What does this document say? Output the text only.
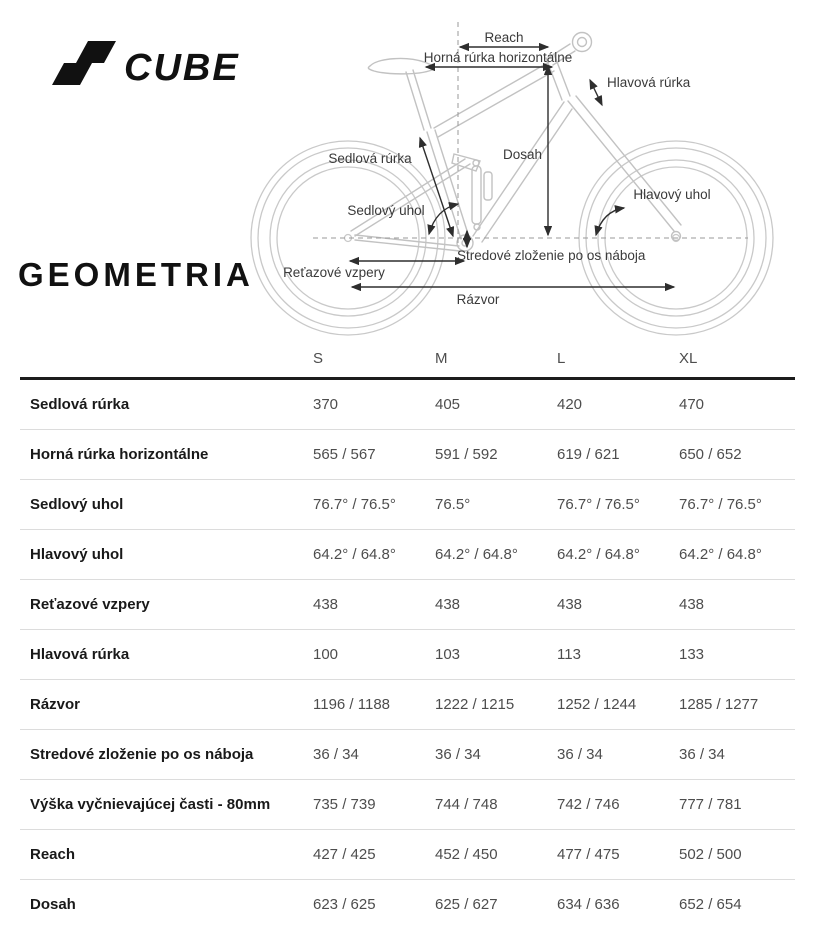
CUBE
GEOMETRIA
Reach
Horná rúrka horizontálne
Hlavová rúrka
Sedlová rúrka	Dosah
Sedlový uhol
Hlavový uhol
Stredové zloženie po os náboja
Reťazové vzpery
Rázvor
S	M	L	XL
Sedlová rúrka	370	405	420	470
Horná rúrka horizontálne	565 / 567	591 / 592	619 / 621	650 / 652
Sedlový uhol	76.7° / 76.5°	76.5°	76.7° / 76.5°	76.7° / 76.5°
Hlavový uhol	64.2° / 64.8°	64.2° / 64.8°	64.2° / 64.8°	64.2° / 64.8°
Reťazové vzpery	438	438	438	438
Hlavová rúrka	100	103	113	133
Rázvor	1196 / 1188	1222 / 1215	1252 / 1244	1285 / 1277
Stredové zloženie po os náboja	36 / 34	36 / 34	36 / 34	36 / 34
Výška vyčnievajúcej časti - 80mm	735 / 739	744 / 748	742 / 746	777 / 781
Reach	427 / 425	452 / 450	477 / 475	502 / 500
Dosah	623 / 625	625 / 627	634 / 636	652 / 654
